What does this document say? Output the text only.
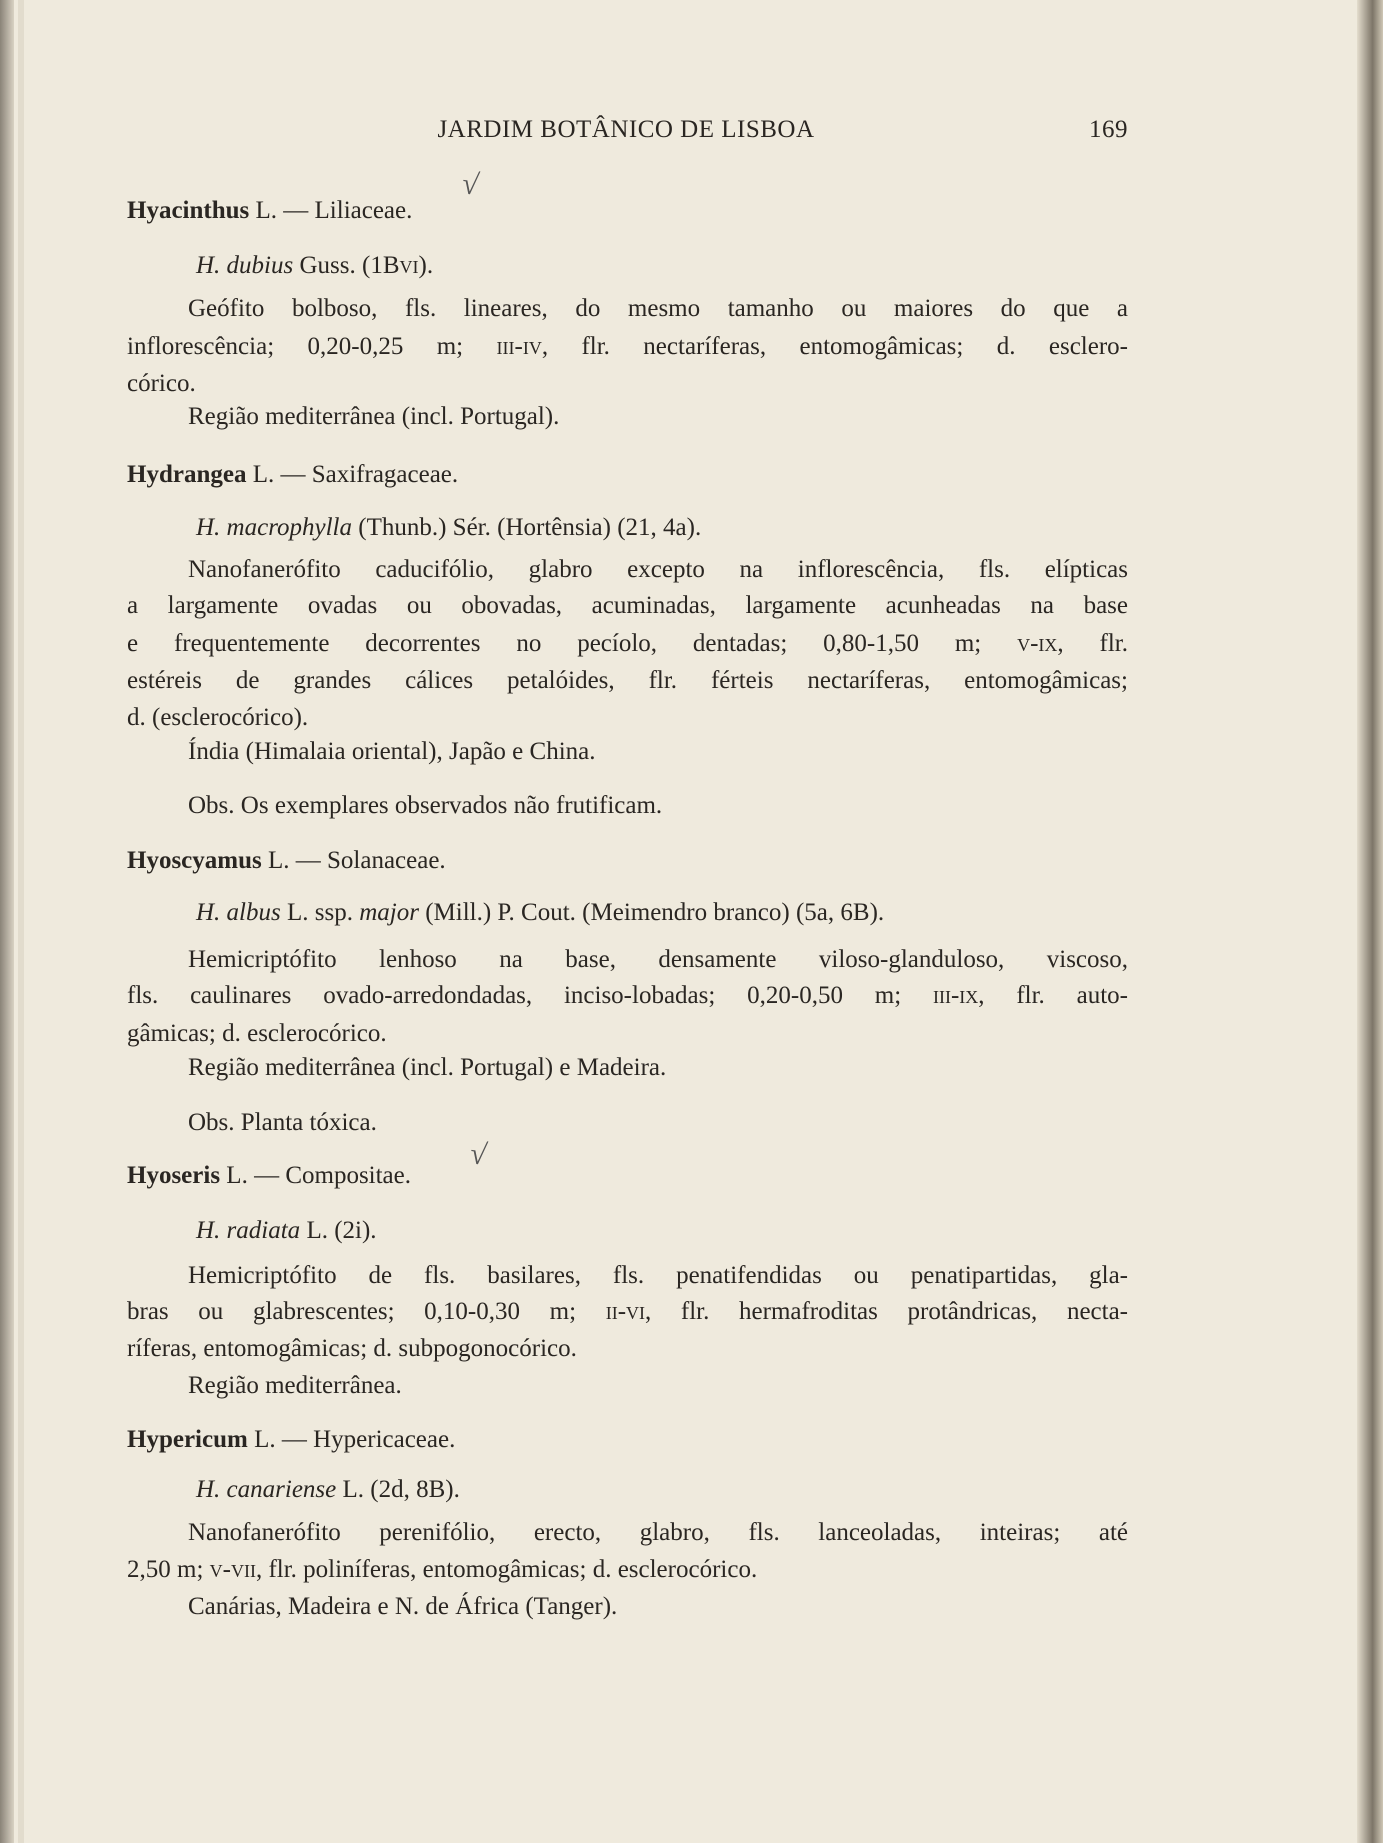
JARDIM BOTÂNICO DE LISBOA	169
Hyacinthus L. — Liliaceae.
H. dubius Guss. (1Bvi).
Geófito bolboso, fls. lineares, do mesmo tamanho ou maiores do que a
inflorescência; 0,20-0,25 m; iii-iv, flr. nectaríferas, entomogâmicas; d. esclero-
córico.
Região mediterrânea (incl. Portugal).
Hydrangea L. — Saxifragaceae.
H. macrophylla (Thunb.) Sér. (Hortênsia) (21, 4a).
Nanofanerófito caducifólio, glabro excepto na inflorescência, fls. elípticas
a largamente ovadas ou obovadas, acuminadas, largamente acunheadas na base
e frequentemente decorrentes no pecíolo, dentadas; 0,80-1,50 m; v-ix, flr.
estéreis de grandes cálices petalóides, flr. férteis nectaríferas, entomogâmicas;
d. (esclerocórico).
Índia (Himalaia oriental), Japão e China.
Obs. Os exemplares observados não frutificam.
Hyoscyamus L. — Solanaceae.
H. albus L. ssp. major (Mill.) P. Cout. (Meimendro branco) (5a, 6B).
Hemicriptófito lenhoso na base, densamente viloso-glanduloso, viscoso,
fls. caulinares ovado-arredondadas, inciso-lobadas; 0,20-0,50 m; iii-ix, flr. auto-
gâmicas; d. esclerocórico.
Região mediterrânea (incl. Portugal) e Madeira.
Obs. Planta tóxica.
Hyoseris L. — Compositae.
H. radiata L. (2i).
Hemicriptófito de fls. basilares, fls. penatifendidas ou penatipartidas, gla-
bras ou glabrescentes; 0,10-0,30 m; ii-vi, flr. hermafroditas protândricas, necta-
ríferas, entomogâmicas; d. subpogonocórico.
Região mediterrânea.
Hypericum L. — Hypericaceae.
H. canariense L. (2d, 8B).
Nanofanerófito perenifólio, erecto, glabro, fls. lanceoladas, inteiras; até
2,50 m; v-vii, flr. poliníferas, entomogâmicas; d. esclerocórico.
Canárias, Madeira e N. de África (Tanger).
√
√
